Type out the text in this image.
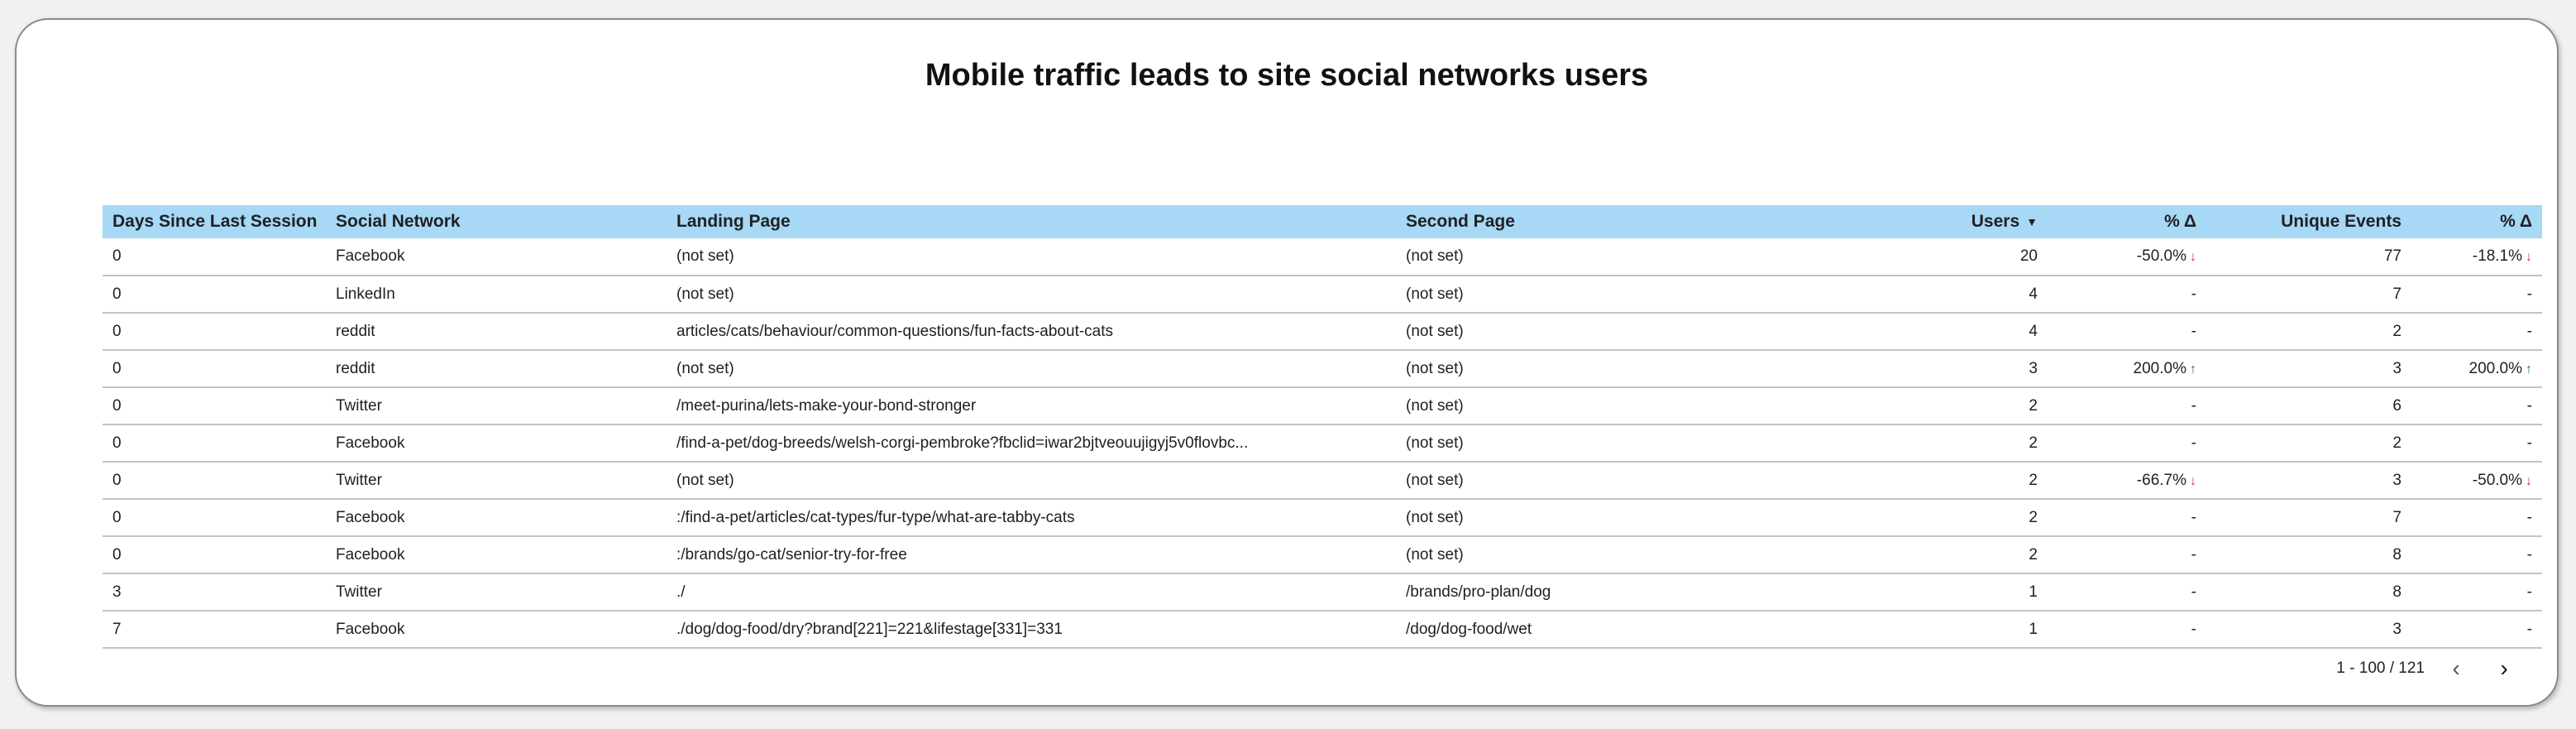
Mobile traffic leads to site social networks users
Days Since Last Session	Social Network	Landing Page	Second Page	Users ▼	% Δ	Unique Events	% Δ
0	Facebook	(not set)	(not set)	20	-50.0% ↓	77	-18.1% ↓
0	LinkedIn	(not set)	(not set)	4	-	7	-
0	reddit	articles/cats/behaviour/common-questions/fun-facts-about-cats	(not set)	4	-	2	-
0	reddit	(not set)	(not set)	3	200.0% ↑	3	200.0% ↑
0	Twitter	/meet-purina/lets-make-your-bond-stronger	(not set)	2	-	6	-
0	Facebook	/find-a-pet/dog-breeds/welsh-corgi-pembroke?fbclid=iwar2bjtveouujigyj5v0flovbc...	(not set)	2	-	2	-
0	Twitter	(not set)	(not set)	2	-66.7% ↓	3	-50.0% ↓
0	Facebook	:/find-a-pet/articles/cat-types/fur-type/what-are-tabby-cats	(not set)	2	-	7	-
0	Facebook	:/brands/go-cat/senior-try-for-free	(not set)	2	-	8	-
3	Twitter	./	/brands/pro-plan/dog	1	-	8	-
7	Facebook	./dog/dog-food/dry?brand[221]=221&lifestage[331]=331	/dog/dog-food/wet	1	-	3	-
1 - 100 / 121	‹	›
